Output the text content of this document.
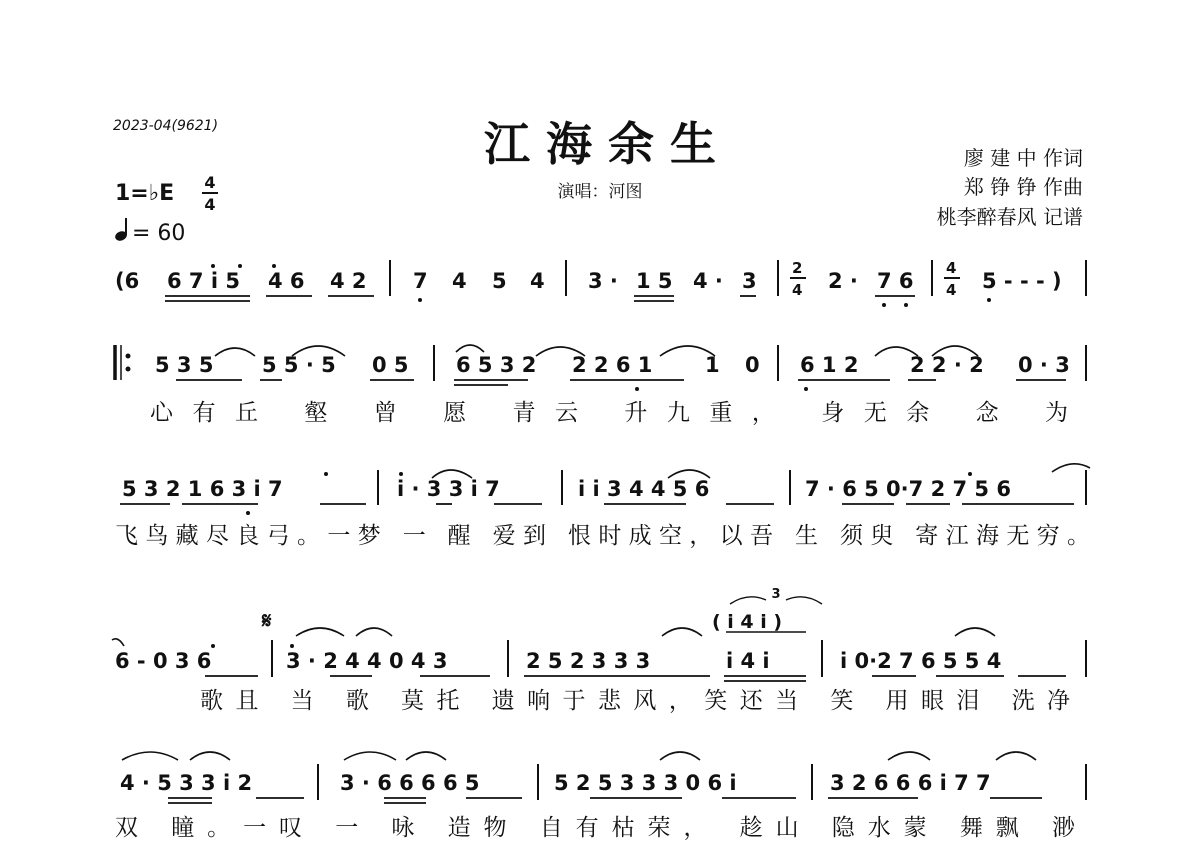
2023-04(9621)	江 海 余 生
演唱：河图
廖 建 中 作词
郑 铮 铮 作曲
桃李醉春风 记谱
1=♭E 4
4
= 60
(6 6 7 i 5 4 6 4 2 7 4 5 4 3 · 1 5 4 · 3
2
4 2 · 7 6
4
4 5 - - - )
5 3 5 5 5 · 5 0 5 6 5 3 2 2 2 6 1	1 0 6 1 2 2 2 · 2 0 · 3
心有丘 壑 曾 愿 青云 升九重， 身无余 念 为
5 3 2 1 6 3 i 7	i · 3 3 i 7	i i 3 4 4 5 6	7 · 6 5 0·7 2 7 5 6
飞鸟藏尽良弓。一梦 一 醒 爱到 恨时成空，以吾 生 须臾 寄江海无穷。
6 - 0 3 6
𝄋
3 · 2 4 4 0 4 3	2 5 2 3 3 3
( i 4 i )
3
i 4 i	i 0·2 7 6 5 5 4
歌且 当 歌 莫托 遗响于悲风，笑还当 笑 用眼泪 洗净
4 · 5 3 3 i 2	3 · 6 6 6 6 5	5 2 5 3 3 3 0 6 i	3 2 6 6 6 i 7 7
双 瞳。一叹 一 咏 造物 自有枯荣， 趁山 隐水蒙 舞飘 渺
